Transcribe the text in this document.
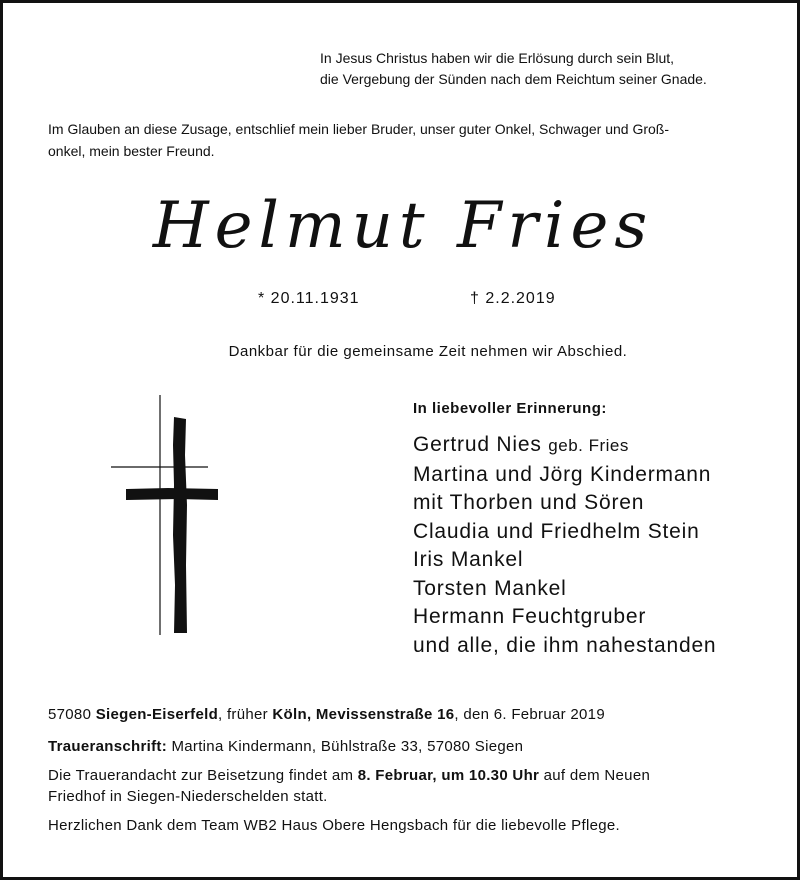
In Jesus Christus haben wir die Erlösung durch sein Blut,
die Vergebung der Sünden nach dem Reichtum seiner Gnade.
Im Glauben an diese Zusage, entschlief mein lieber Bruder, unser guter Onkel, Schwager und Groß-
onkel, mein bester Freund.
Helmut Fries
* 20.11.1931	† 2.2.2019
Dankbar für die gemeinsame Zeit nehmen wir Abschied.
In liebevoller Erinnerung:
Gertrud Nies geb. Fries
Martina und Jörg Kindermann
mit Thorben und Sören
Claudia und Friedhelm Stein
Iris Mankel
Torsten Mankel
Hermann Feuchtgruber
und alle, die ihm nahestanden
57080 Siegen-Eiserfeld, früher Köln, Mevissenstraße 16, den 6. Februar 2019
Traueranschrift: Martina Kindermann, Bühlstraße 33, 57080 Siegen
Die Trauerandacht zur Beisetzung findet am 8. Februar, um 10.30 Uhr auf dem Neuen
Friedhof in Siegen-Niederschelden statt.
Herzlichen Dank dem Team WB2 Haus Obere Hengsbach für die liebevolle Pflege.
